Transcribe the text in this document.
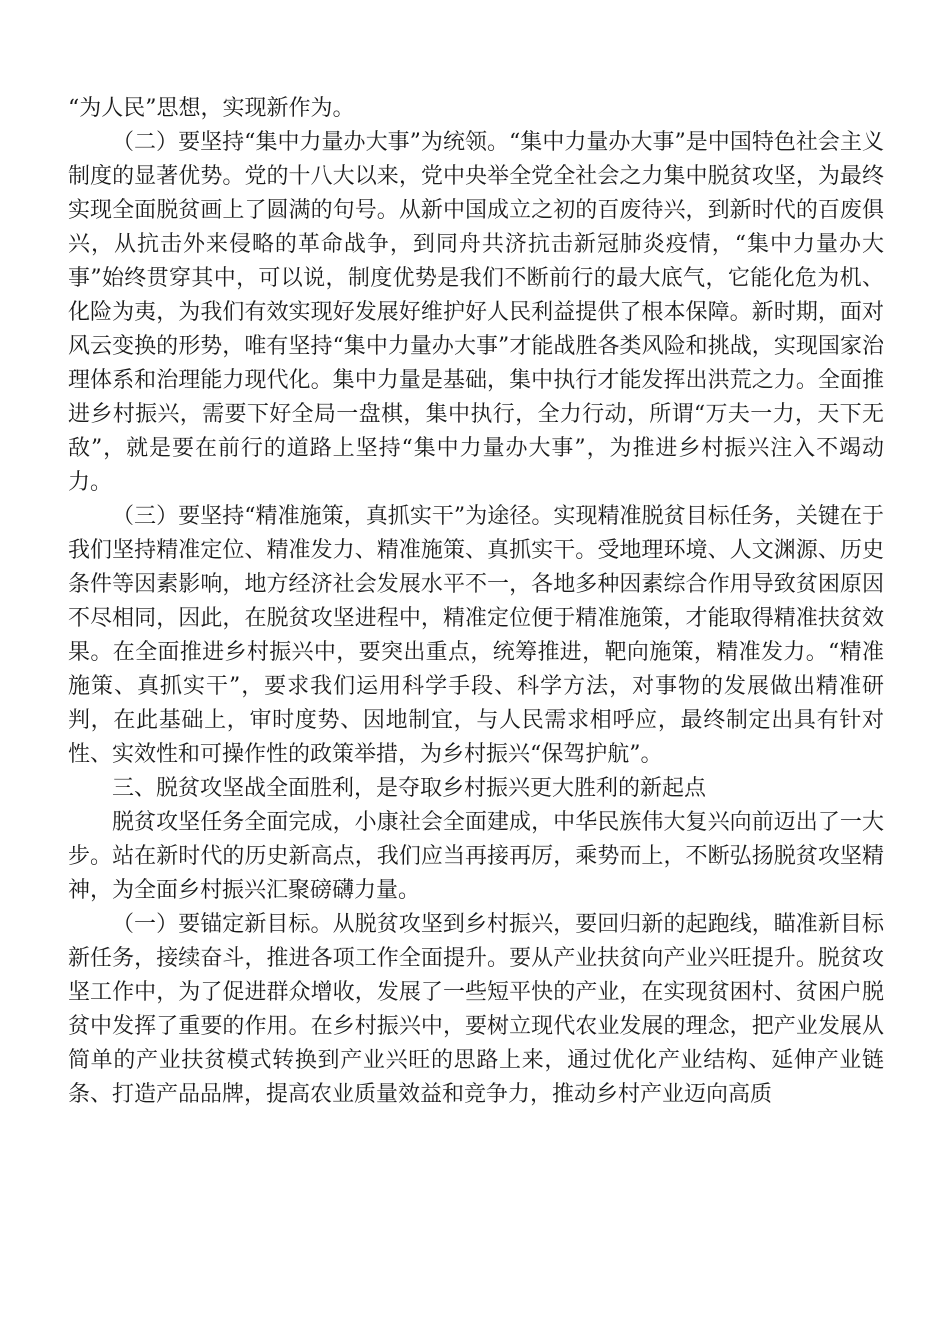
“为人民”思想，实现新作为。

（二）要坚持“集中力量办大事”为统领。“集中力量办大事”是中国特色社会主义制度的显著优势。党的十八大以来，党中央举全党全社会之力集中脱贫攻坚，为最终实现全面脱贫画上了圆满的句号。从新中国成立之初的百废待兴，到新时代的百废俱兴，从抗击外来侵略的革命战争，到同舟共济抗击新冠肺炎疫情，“集中力量办大事”始终贯穿其中，可以说，制度优势是我们不断前行的最大底气，它能化危为机、化险为夷，为我们有效实现好发展好维护好人民利益提供了根本保障。新时期，面对风云变换的形势，唯有坚持“集中力量办大事”才能战胜各类风险和挑战，实现国家治理体系和治理能力现代化。集中力量是基础，集中执行才能发挥出洪荒之力。全面推进乡村振兴，需要下好全局一盘棋，集中执行，全力行动，所谓“万夫一力，天下无敌”，就是要在前行的道路上坚持“集中力量办大事”，为推进乡村振兴注入不竭动力。

（三）要坚持“精准施策，真抓实干”为途径。实现精准脱贫目标任务，关键在于我们坚持精准定位、精准发力、精准施策、真抓实干。受地理环境、人文渊源、历史条件等因素影响，地方经济社会发展水平不一，各地多种因素综合作用导致贫困原因不尽相同，因此，在脱贫攻坚进程中，精准定位便于精准施策，才能取得精准扶贫效果。在全面推进乡村振兴中，要突出重点，统筹推进，靶向施策，精准发力。“精准施策、真抓实干”，要求我们运用科学手段、科学方法，对事物的发展做出精准研判，在此基础上，审时度势、因地制宜，与人民需求相呼应，最终制定出具有针对性、实效性和可操作性的政策举措，为乡村振兴“保驾护航”。

三、脱贫攻坚战全面胜利，是夺取乡村振兴更大胜利的新起点

脱贫攻坚任务全面完成，小康社会全面建成，中华民族伟大复兴向前迈出了一大步。站在新时代的历史新高点，我们应当再接再厉，乘势而上，不断弘扬脱贫攻坚精神，为全面乡村振兴汇聚磅礴力量。

（一）要锚定新目标。从脱贫攻坚到乡村振兴，要回归新的起跑线，瞄准新目标新任务，接续奋斗，推进各项工作全面提升。要从产业扶贫向产业兴旺提升。脱贫攻坚工作中，为了促进群众增收，发展了一些短平快的产业，在实现贫困村、贫困户脱贫中发挥了重要的作用。在乡村振兴中，要树立现代农业发展的理念，把产业发展从简单的产业扶贫模式转换到产业兴旺的思路上来，通过优化产业结构、延伸产业链条、打造产品品牌，提高农业质量效益和竞争力，推动乡村产业迈向高质
